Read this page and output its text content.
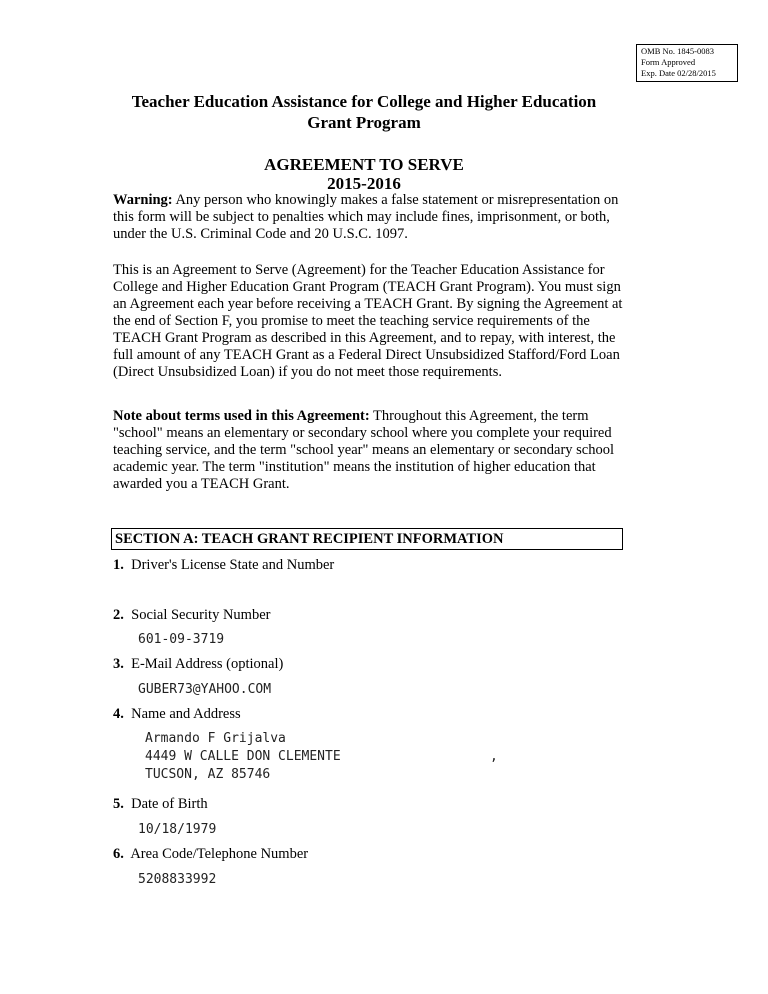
OMB No. 1845-0083
Form Approved
Exp. Date 02/28/2015
Teacher Education Assistance for College and Higher Education
Grant Program
AGREEMENT TO SERVE
2015-2016

Warning: Any person who knowingly makes a false statement or misrepresentation on this form will be subject to penalties which may include fines, imprisonment, or both, under the U.S. Criminal Code and 20 U.S.C. 1097.

This is an Agreement to Serve (Agreement) for the Teacher Education Assistance for College and Higher Education Grant Program (TEACH Grant Program). You must sign an Agreement each year before receiving a TEACH Grant. By signing the Agreement at the end of Section F, you promise to meet the teaching service requirements of the TEACH Grant Program as described in this Agreement, and to repay, with interest, the full amount of any TEACH Grant as a Federal Direct Unsubsidized Stafford/Ford Loan (Direct Unsubsidized Loan) if you do not meet those requirements.

Note about terms used in this Agreement: Throughout this Agreement, the term "school" means an elementary or secondary school where you complete your required teaching service, and the term "school year" means an elementary or secondary school academic year. The term "institution" means the institution of higher education that awarded you a TEACH Grant.

SECTION A: TEACH GRANT RECIPIENT INFORMATION
1. Driver's License State and Number
2. Social Security Number
601-09-3719
3. E-Mail Address (optional)
GUBER73@YAHOO.COM
4. Name and Address
Armando F Grijalva
4449 W CALLE DON CLEMENTE	,
TUCSON, AZ 85746
5. Date of Birth
10/18/1979
6. Area Code/Telephone Number
5208833992
